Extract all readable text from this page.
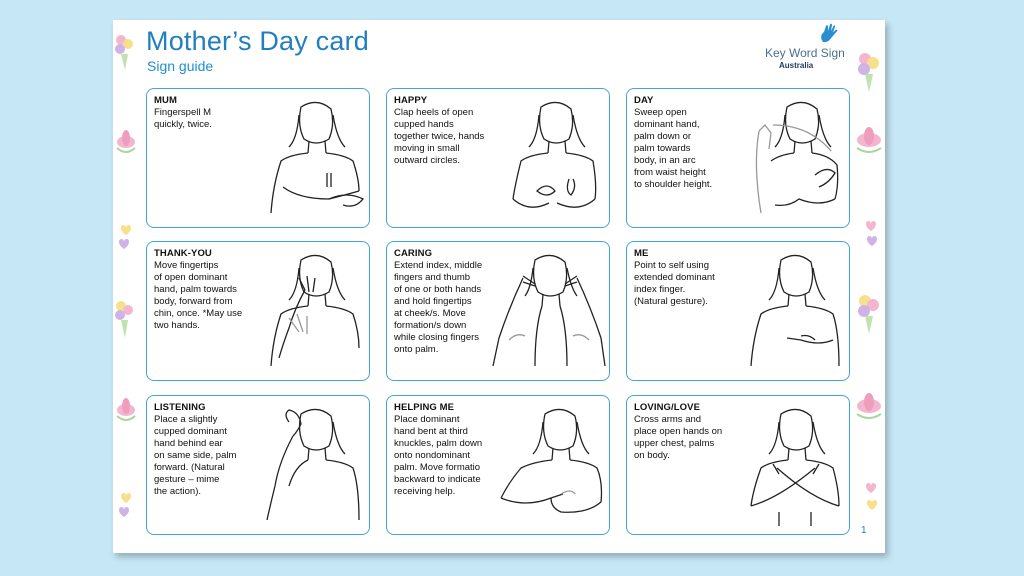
Mother’s Day card
Sign guide
Key Word Sign
Australia
MUM
Fingerspell M
quickly, twice.
HAPPY
Clap heels of open
cupped hands
together twice, hands
moving in small
outward circles.
DAY
Sweep open
dominant hand,
palm down or
palm towards
body, in an arc
from waist height
to shoulder height.
THANK-YOU
Move fingertips
of open dominant
hand, palm towards
body, forward from
chin, once. *May use
two hands.
CARING
Extend index, middle
fingers and thumb
of one or both hands
and hold fingertips
at cheek/s. Move
formation/s down
while closing fingers
onto palm.
ME
Point to self using
extended dominant
index finger.
(Natural gesture).
LISTENING
Place a slightly
cupped dominant
hand behind ear
on same side, palm
forward. (Natural
gesture – mime
the action).
HELPING ME
Place dominant
hand bent at third
knuckles, palm down
onto nondominant
palm. Move formatio
backward to indicate
receiving help.
LOVING/LOVE
Cross arms and
place open hands on
upper chest, palms
on body.
1
